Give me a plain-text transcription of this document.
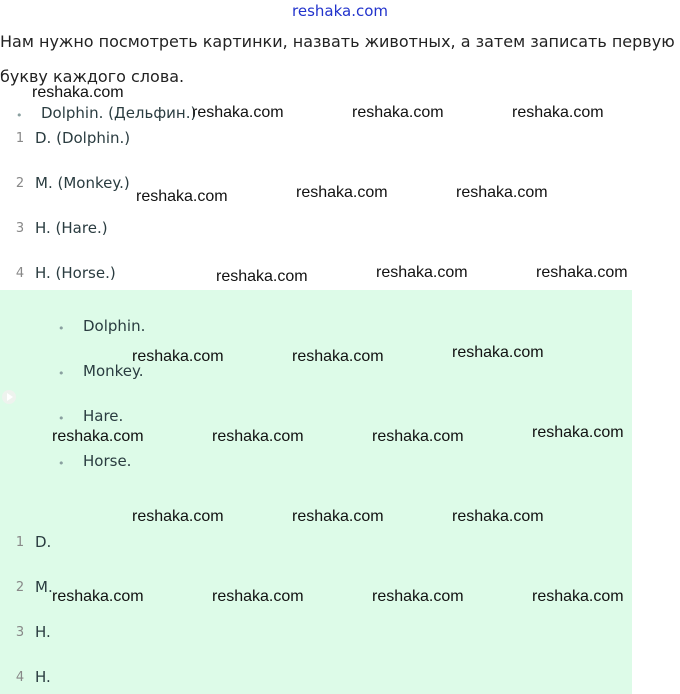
reshaka.com
Нам нужно посмотреть картинки, назвать животных, а затем записать первую
букву каждого слова.
• Dolphin. (Дельфин.)
1 D. (Dolphin.)
2 M. (Monkey.)
3 H. (Hare.)
4 H. (Horse.)
• Dolphin.
• Monkey.
• Hare.
• Horse.
1 D.
2 M.
3 H.
4 H.
reshaka.com
reshaka.com	reshaka.com	reshaka.com
reshaka.com	reshaka.com	reshaka.com
reshaka.com	reshaka.com	reshaka.com
reshaka.com	reshaka.com	reshaka.com
reshaka.com	reshaka.com	reshaka.com	reshaka.com
reshaka.com	reshaka.com	reshaka.com
reshaka.com	reshaka.com	reshaka.com	reshaka.com
